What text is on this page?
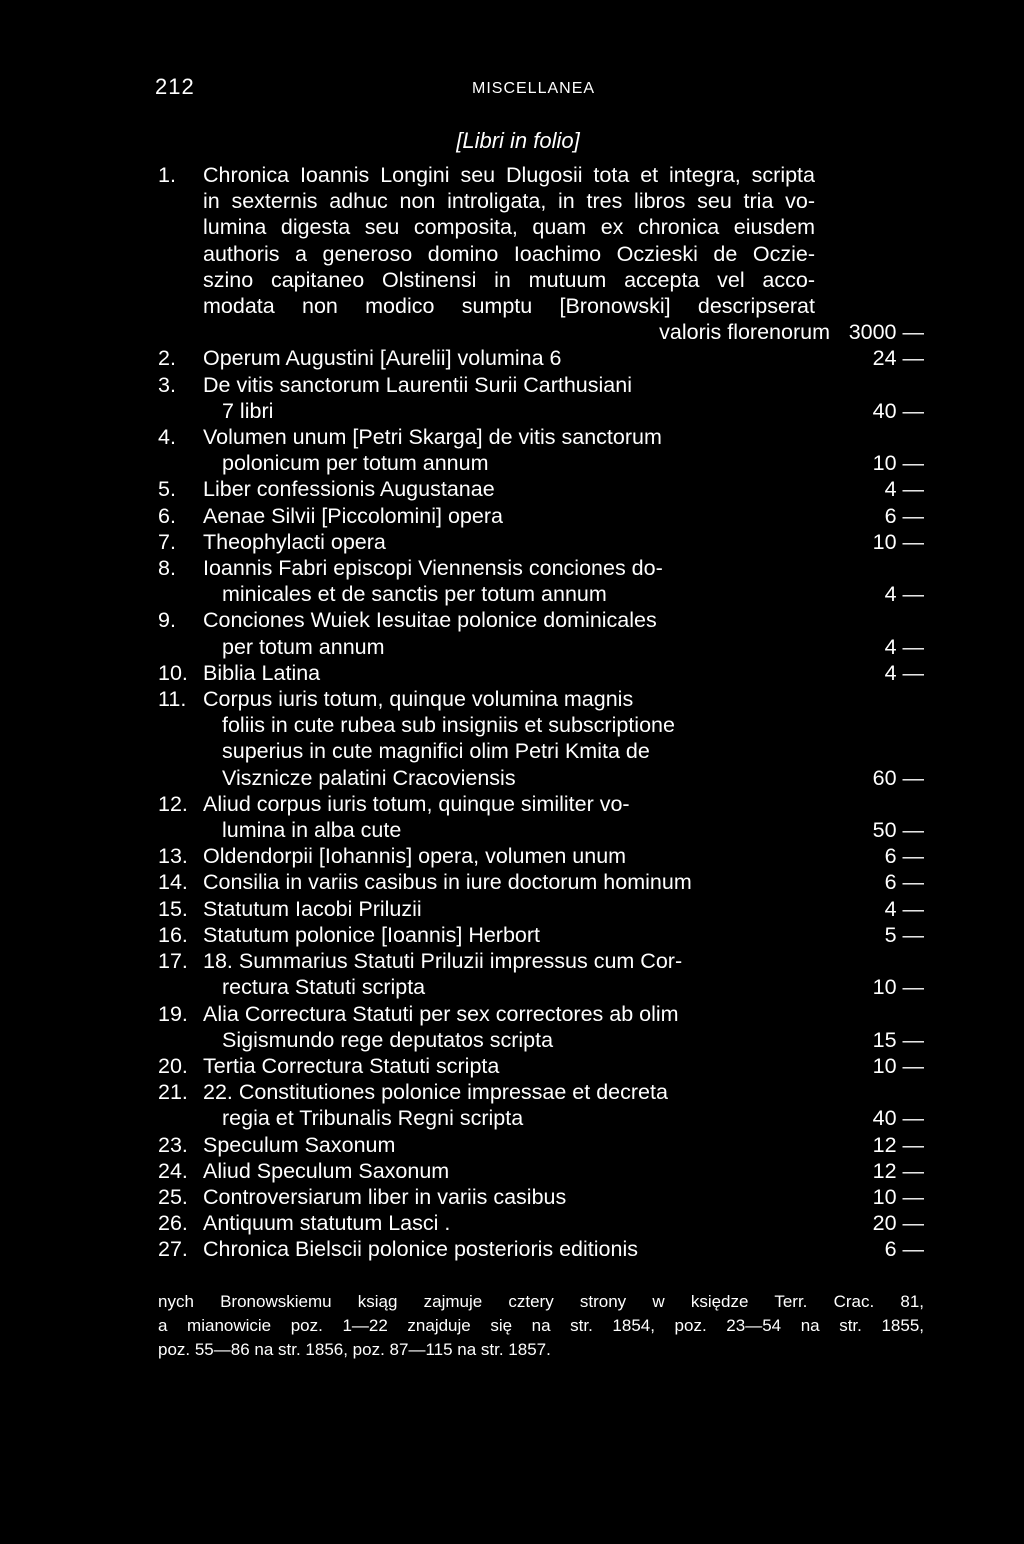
212	MISCELLANEA
[Libri in folio]
1.	Chronica Ioannis Longini seu Dlugosii tota et integra, scripta
in sexternis adhuc non introligata, in tres libros seu tria vo-
lumina digesta seu composita, quam ex chronica eiusdem
authoris a generoso domino Ioachimo Oczieski de Oczie-
szino capitaneo Olstinensi in mutuum accepta vel acco-
modata non modico sumptu [Bronowski] descripserat
valoris florenorum 3000 —
2.	Operum Augustini [Aurelii] volumina 6	24 —
3.	De vitis sanctorum Laurentii Surii Carthusiani
7 libri	40 —
4.	Volumen unum [Petri Skarga] de vitis sanctorum
polonicum per totum annum	10 —
5.	Liber confessionis Augustanae	4 —
6.	Aenae Silvii [Piccolomini] opera	6 —
7.	Theophylacti opera	10 —
8.	Ioannis Fabri episcopi Viennensis conciones do-
minicales et de sanctis per totum annum	4 —
9.	Conciones Wuiek Iesuitae polonice dominicales
per totum annum	4 —
10. Biblia Latina	4 —
11. Corpus iuris totum, quinque volumina magnis
foliis in cute rubea sub insigniis et subscriptione
superius in cute magnifici olim Petri Kmita de
Visznicze palatini Cracoviensis	60 —
12. Aliud corpus iuris totum, quinque similiter vo-
lumina in alba cute	50 —
13. Oldendorpii [Iohannis] opera, volumen unum	6 —
14. Consilia in variis casibus in iure doctorum hominum	6 —
15. Statutum Iacobi Priluzii	4 —
16. Statutum polonice [Ioannis] Herbort	5 —
17. 18. Summarius Statuti Priluzii impressus cum Cor-
rectura Statuti scripta	10 —
19. Alia Correctura Statuti per sex correctores ab olim
Sigismundo rege deputatos scripta	15 —
20. Tertia Correctura Statuti scripta	10 —
21. 22. Constitutiones polonice impressae et decreta
regia et Tribunalis Regni scripta	40 —
23. Speculum Saxonum	12 —
24. Aliud Speculum Saxonum	12 —
25. Controversiarum liber in variis casibus	10 —
26. Antiquum statutum Lasci .	20 —
27. Chronica Bielscii polonice posterioris editionis	6 —
nych Bronowskiemu ksiąg zajmuje cztery strony w księdze Terr. Crac. 81,
a mianowicie poz. 1—22 znajduje się na str. 1854, poz. 23—54 na str. 1855,
poz. 55—86 na str. 1856, poz. 87—115 na str. 1857.
